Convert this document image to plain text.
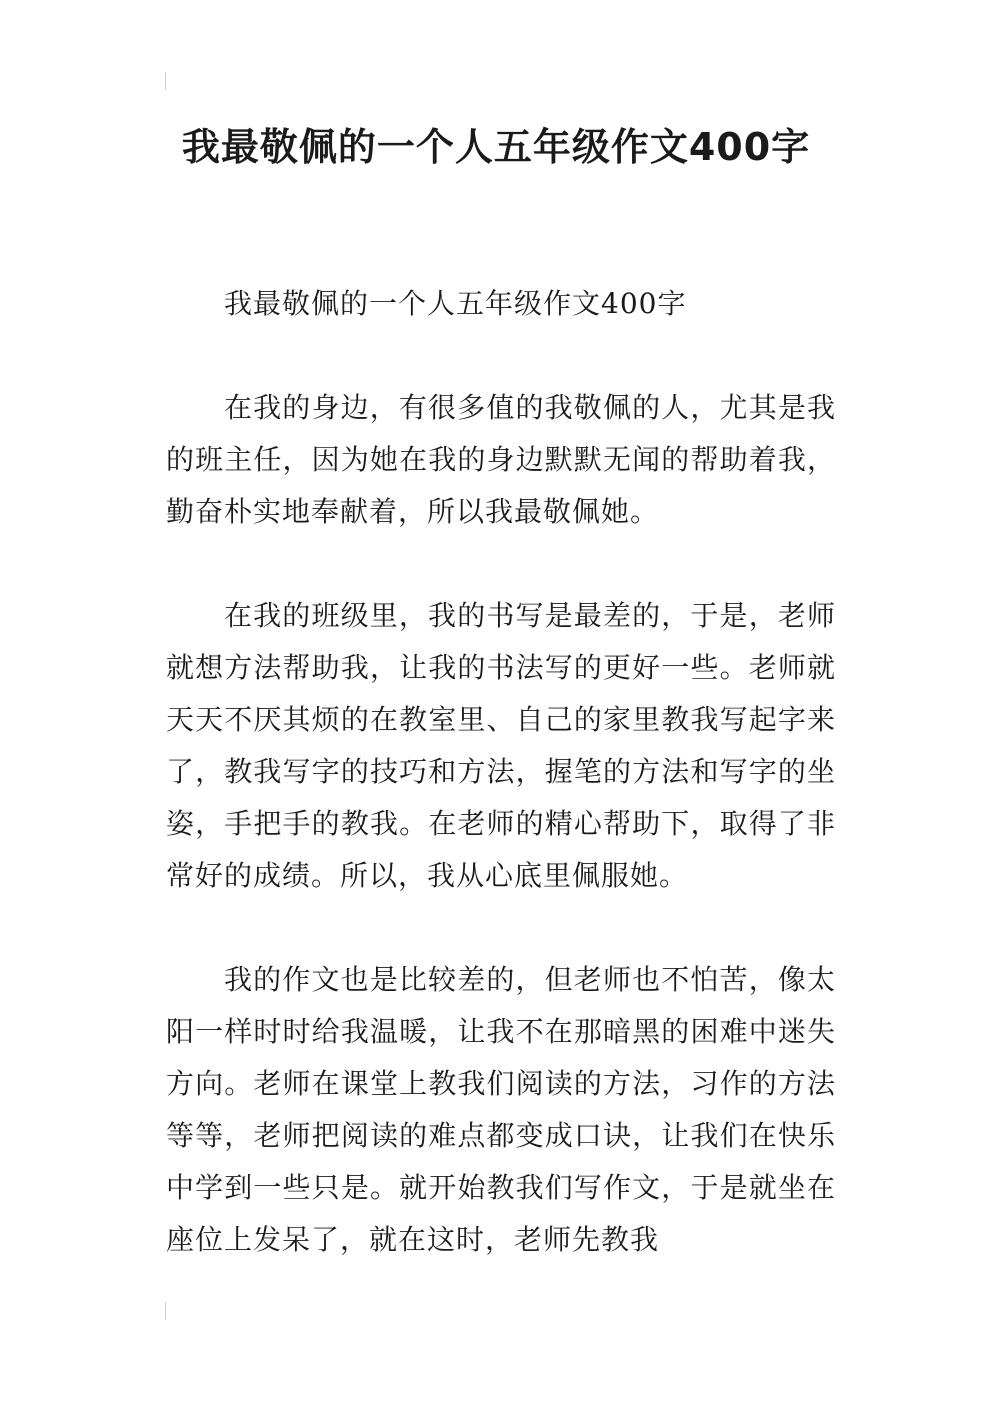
我最敬佩的一个人五年级作文400字

我最敬佩的一个人五年级作文400字

在我的身边，有很多值的我敬佩的人，尤其是我的班主任，因为她在我的身边默默无闻的帮助着我，勤奋朴实地奉献着，所以我最敬佩她。

在我的班级里，我的书写是最差的，于是，老师就想方法帮助我，让我的书法写的更好一些。老师就天天不厌其烦的在教室里、自己的家里教我写起字来了，教我写字的技巧和方法，握笔的方法和写字的坐姿，手把手的教我。在老师的精心帮助下，取得了非常好的成绩。所以，我从心底里佩服她。

我的作文也是比较差的，但老师也不怕苦，像太阳一样时时给我温暖，让我不在那暗黑的困难中迷失方向。老师在课堂上教我们阅读的方法，习作的方法等等，老师把阅读的难点都变成口诀，让我们在快乐中学到一些只是。就开始教我们写作文，于是就坐在座位上发呆了，就在这时，老师先教我
